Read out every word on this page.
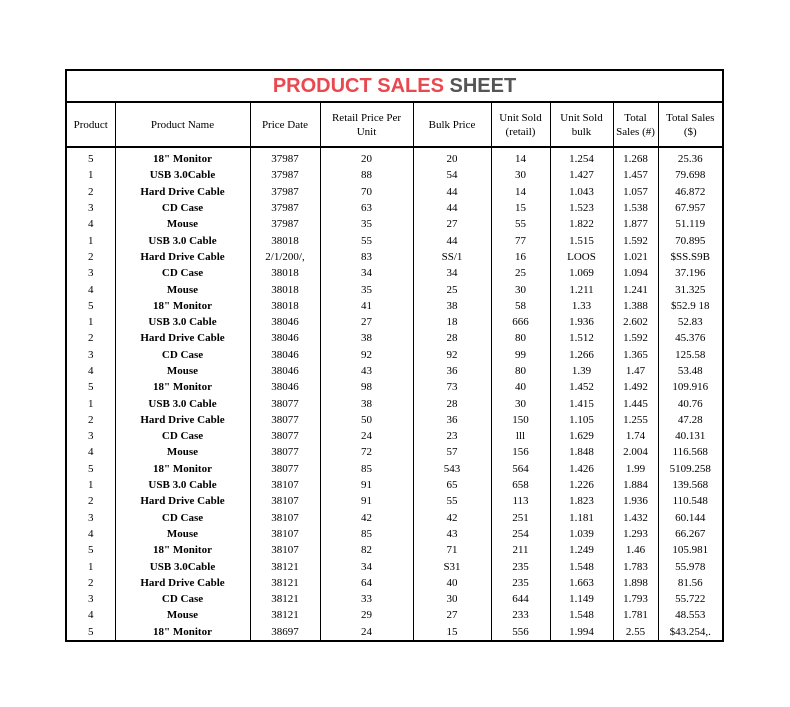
PRODUCT SALES SHEET
Product	Product Name	Price Date	Retail Price Per Unit	Bulk Price	Unit Sold (retail)	Unit Sold bulk	Total Sales (#)	Total Sales ($)
5	18" Monitor	37987	20	20	14	1.254	1.268	25.36
1	USB 3.0Cable	37987	88	54	30	1.427	1.457	79.698
2	Hard Drive Cable	37987	70	44	14	1.043	1.057	46.872
3	CD Case	37987	63	44	15	1.523	1.538	67.957
4	Mouse	37987	35	27	55	1.822	1.877	51.119
1	USB 3.0 Cable	38018	55	44	77	1.515	1.592	70.895
2	Hard Drive Cable	2/1/200/,	83	SS/1	16	LOOS	1.021	$SS.S9B
3	CD Case	38018	34	34	25	1.069	1.094	37.196
4	Mouse	38018	35	25	30	1.211	1.241	31.325
5	18" Monitor	38018	41	38	58	1.33	1.388	$52.9 18
1	USB 3.0 Cable	38046	27	18	666	1.936	2.602	52.83
2	Hard Drive Cable	38046	38	28	80	1.512	1.592	45.376
3	CD Case	38046	92	92	99	1.266	1.365	125.58
4	Mouse	38046	43	36	80	1.39	1.47	53.48
5	18" Monitor	38046	98	73	40	1.452	1.492	109.916
1	USB 3.0 Cable	38077	38	28	30	1.415	1.445	40.76
2	Hard Drive Cable	38077	50	36	150	1.105	1.255	47.28
3	CD Case	38077	24	23	lll	1.629	1.74	40.131
4	Mouse	38077	72	57	156	1.848	2.004	116.568
5	18" Monitor	38077	85	543	564	1.426	1.99	5109.258
1	USB 3.0 Cable	38107	91	65	658	1.226	1.884	139.568
2	Hard Drive Cable	38107	91	55	113	1.823	1.936	110.548
3	CD Case	38107	42	42	251	1.181	1.432	60.144
4	Mouse	38107	85	43	254	1.039	1.293	66.267
5	18" Monitor	38107	82	71	211	1.249	1.46	105.981
1	USB 3.0Cable	38121	34	S31	235	1.548	1.783	55.978
2	Hard Drive Cable	38121	64	40	235	1.663	1.898	81.56
3	CD Case	38121	33	30	644	1.149	1.793	55.722
4	Mouse	38121	29	27	233	1.548	1.781	48.553
5	18" Monitor	38697	24	15	556	1.994	2.55	$43.254,.
